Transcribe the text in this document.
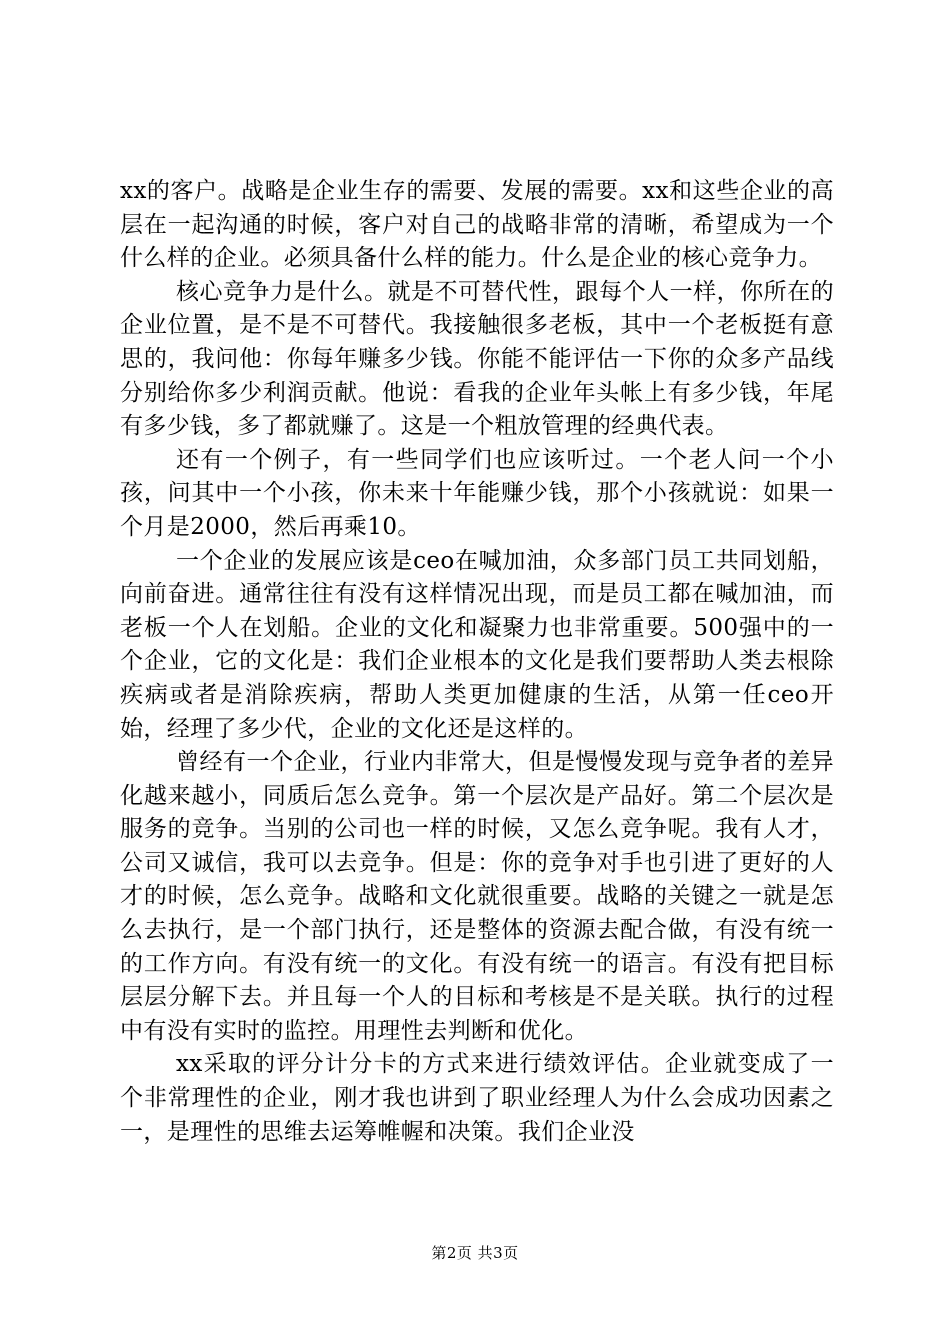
xx的客户。战略是企业生存的需要、发展的需要。xx和这些企业的高层在一起沟通的时候，客户对自己的战略非常的清晰，希望成为一个什么样的企业。必须具备什么样的能力。什么是企业的核心竞争力。

核心竞争力是什么。就是不可替代性，跟每个人一样，你所在的企业位置，是不是不可替代。我接触很多老板，其中一个老板挺有意思的，我问他：你每年赚多少钱。你能不能评估一下你的众多产品线分别给你多少利润贡献。他说：看我的企业年头帐上有多少钱，年尾有多少钱，多了都就赚了。这是一个粗放管理的经典代表。

还有一个例子，有一些同学们也应该听过。一个老人问一个小孩，问其中一个小孩，你未来十年能赚少钱，那个小孩就说：如果一个月是2000，然后再乘10。

一个企业的发展应该是ceo在喊加油，众多部门员工共同划船，向前奋进。通常往往有没有这样情况出现，而是员工都在喊加油，而老板一个人在划船。企业的文化和凝聚力也非常重要。500强中的一个企业，它的文化是：我们企业根本的文化是我们要帮助人类去根除疾病或者是消除疾病，帮助人类更加健康的生活，从第一任ceo开始，经理了多少代，企业的文化还是这样的。

曾经有一个企业，行业内非常大，但是慢慢发现与竞争者的差异化越来越小，同质后怎么竞争。第一个层次是产品好。第二个层次是服务的竞争。当别的公司也一样的时候，又怎么竞争呢。我有人才，公司又诚信，我可以去竞争。但是：你的竞争对手也引进了更好的人才的时候，怎么竞争。战略和文化就很重要。战略的关键之一就是怎么去执行，是一个部门执行，还是整体的资源去配合做，有没有统一的工作方向。有没有统一的文化。有没有统一的语言。有没有把目标层层分解下去。并且每一个人的目标和考核是不是关联。执行的过程中有没有实时的监控。用理性去判断和优化。

xx采取的评分计分卡的方式来进行绩效评估。企业就变成了一个非常理性的企业，刚才我也讲到了职业经理人为什么会成功因素之一，是理性的思维去运筹帷幄和决策。我们企业没

第2页 共3页
